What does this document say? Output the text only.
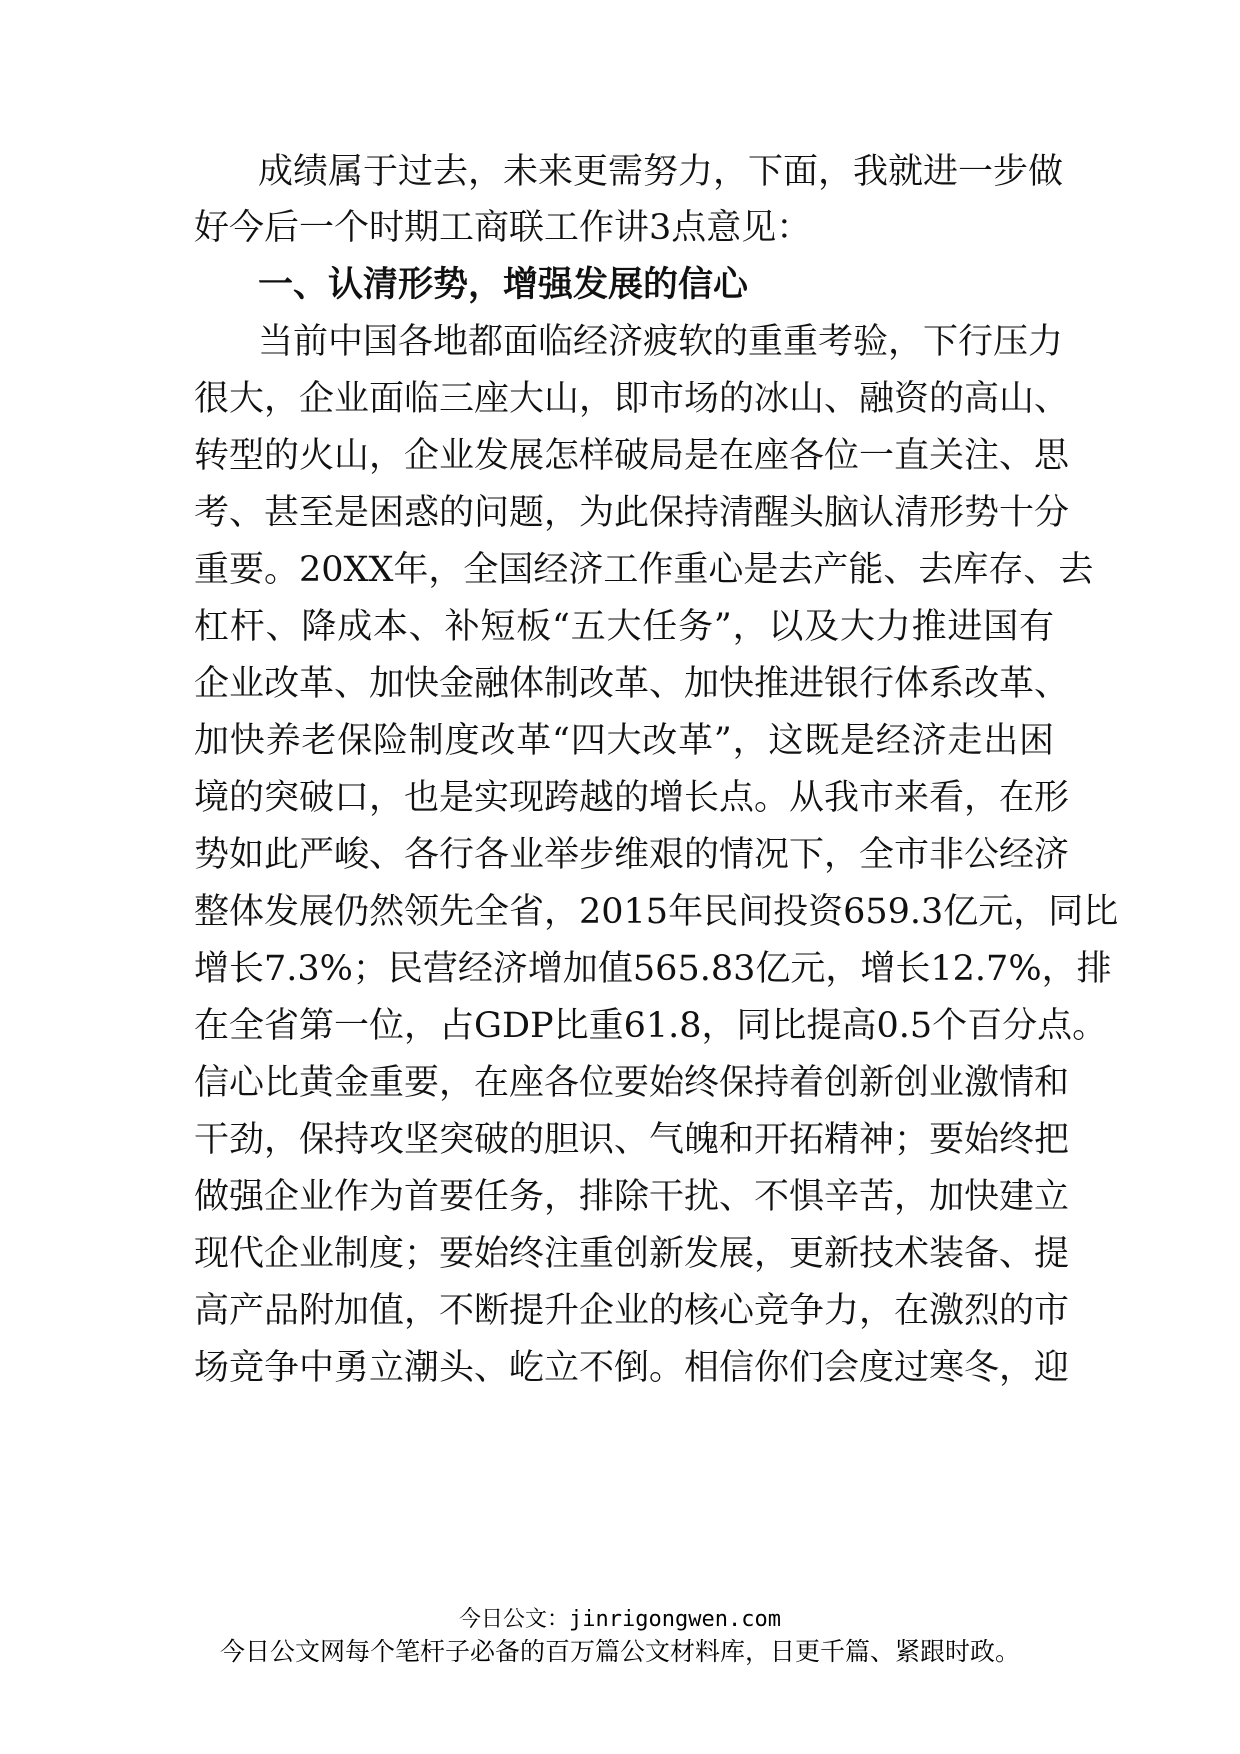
成绩属于过去，未来更需努力，下面，我就进一步做
好今后一个时期工商联工作讲3点意见：
一、认清形势，增强发展的信心
当前中国各地都面临经济疲软的重重考验，下行压力
很大，企业面临三座大山，即市场的冰山、融资的高山、
转型的火山，企业发展怎样破局是在座各位一直关注、思
考、甚至是困惑的问题，为此保持清醒头脑认清形势十分
重要。20XX年，全国经济工作重心是去产能、去库存、去
杠杆、降成本、补短板“五大任务”，以及大力推进国有
企业改革、加快金融体制改革、加快推进银行体系改革、
加快养老保险制度改革“四大改革”，这既是经济走出困
境的突破口，也是实现跨越的增长点。从我市来看，在形
势如此严峻、各行各业举步维艰的情况下，全市非公经济
整体发展仍然领先全省，2015年民间投资659.3亿元，同比
增长7.3%；民营经济增加值565.83亿元，增长12.7%，排
在全省第一位，占GDP比重61.8，同比提高0.5个百分点。
信心比黄金重要，在座各位要始终保持着创新创业激情和
干劲，保持攻坚突破的胆识、气魄和开拓精神；要始终把
做强企业作为首要任务，排除干扰、不惧辛苦，加快建立
现代企业制度；要始终注重创新发展，更新技术装备、提
高产品附加值，不断提升企业的核心竞争力，在激烈的市
场竞争中勇立潮头、屹立不倒。相信你们会度过寒冬，迎
今日公文：jinrigongwen.com
今日公文网每个笔杆子必备的百万篇公文材料库，日更千篇、紧跟时政。
